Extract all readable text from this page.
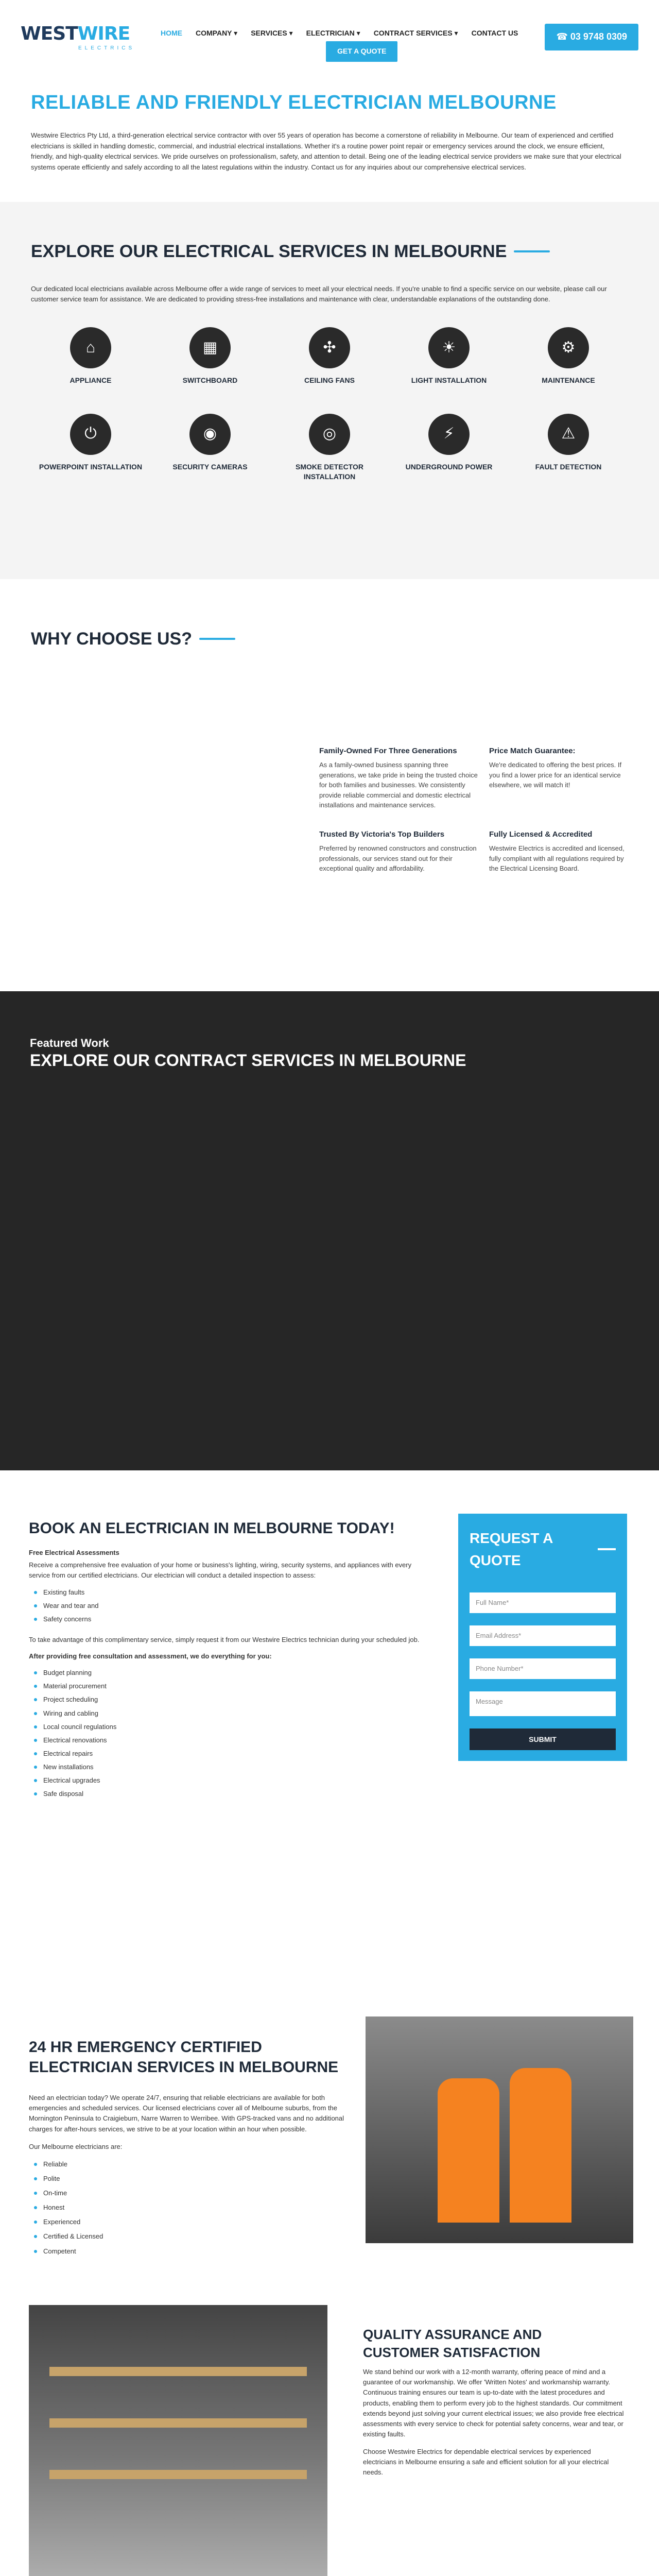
WESTWIRE
ELECTRICS
HOME COMPANY ▾ SERVICES ▾ ELECTRICIAN ▾ CONTRACT SERVICES ▾ CONTACT US
GET A QUOTE
☎ 03 9748 0309
RELIABLE AND FRIENDLY ELECTRICIAN MELBOURNE

Westwire Electrics Pty Ltd, a third-generation electrical service contractor with over 55 years of operation has become a cornerstone of reliability in Melbourne. Our team of experienced and certified electricians is skilled in handling domestic, commercial, and industrial electrical installations. Whether it's a routine power point repair or emergency services around the clock, we ensure efficient, friendly, and high-quality electrical services. We pride ourselves on professionalism, safety, and attention to detail. Being one of the leading electrical service providers we make sure that your electrical systems operate efficiently and safely according to all the latest regulations within the industry. Contact us for any inquiries about our comprehensive electrical services.

EXPLORE OUR ELECTRICAL SERVICES IN MELBOURNE

Our dedicated local electricians available across Melbourne offer a wide range of services to meet all your electrical needs. If you're unable to find a specific service on our website, please call our customer service team for assistance. We are dedicated to providing stress-free installations and maintenance with clear, understandable explanations of the outstanding done.

⌂
APPLIANCE
▦
SWITCHBOARD
✣
CEILING FANS
☀
LIGHT INSTALLATION
⚙
MAINTENANCE
⏻
POWERPOINT INSTALLATION
◉
SECURITY CAMERAS
◎
SMOKE DETECTOR INSTALLATION
⚡
UNDERGROUND POWER
⚠
FAULT DETECTION
WHY CHOOSE US?
Family-Owned For Three Generations

As a family-owned business spanning three generations, we take pride in being the trusted choice for both families and businesses. We consistently provide reliable commercial and domestic electrical installations and maintenance services.

Price Match Guarantee:

We're dedicated to offering the best prices. If you find a lower price for an identical service elsewhere, we will match it!

Trusted By Victoria's Top Builders

Preferred by renowned constructors and construction professionals, our services stand out for their exceptional quality and affordability.

Fully Licensed & Accredited

Westwire Electrics is accredited and licensed, fully compliant with all regulations required by the Electrical Licensing Board.

Featured Work
EXPLORE OUR CONTRACT SERVICES IN MELBOURNE
BOOK AN ELECTRICIAN IN MELBOURNE TODAY!
Free Electrical Assessments

Receive a comprehensive free evaluation of your home or business's lighting, wiring, security systems, and appliances with every service from our certified electricians. Our electrician will conduct a detailed inspection to assess:

Existing faults
Wear and tear and
Safety concerns

To take advantage of this complimentary service, simply request it from our Westwire Electrics technician during your scheduled job.

After providing free consultation and assessment, we do everything for you:

Budget planning
Material procurement
Project scheduling
Wiring and cabling
Local council regulations
Electrical renovations
Electrical repairs
New installations
Electrical upgrades
Safe disposal
REQUEST A QUOTE
Full Name*
Email Address*
Phone Number*
Message
SUBMIT
24 HR EMERGENCY CERTIFIED ELECTRICIAN SERVICES IN MELBOURNE

Need an electrician today? We operate 24/7, ensuring that reliable electricians are available for both emergencies and scheduled services. Our licensed electricians cover all of Melbourne suburbs, from the Mornington Peninsula to Craigieburn, Narre Warren to Werribee. With GPS-tracked vans and no additional charges for after-hours services, we strive to be at your location within an hour when possible.

Our Melbourne electricians are:

Reliable
Polite
On-time
Honest
Experienced
Certified & Licensed
Competent
QUALITY ASSURANCE AND CUSTOMER SATISFACTION

We stand behind our work with a 12-month warranty, offering peace of mind and a guarantee of our workmanship. We offer 'Written Notes' and workmanship warranty. Continuous training ensures our team is up-to-date with the latest procedures and products, enabling them to perform every job to the highest standards. Our commitment extends beyond just solving your current electrical issues; we also provide free electrical assessments with every service to check for potential safety concerns, wear and tear, or existing faults.

Choose Westwire Electrics for dependable electrical services by experienced electricians in Melbourne ensuring a safe and efficient solution for all your electrical needs.
